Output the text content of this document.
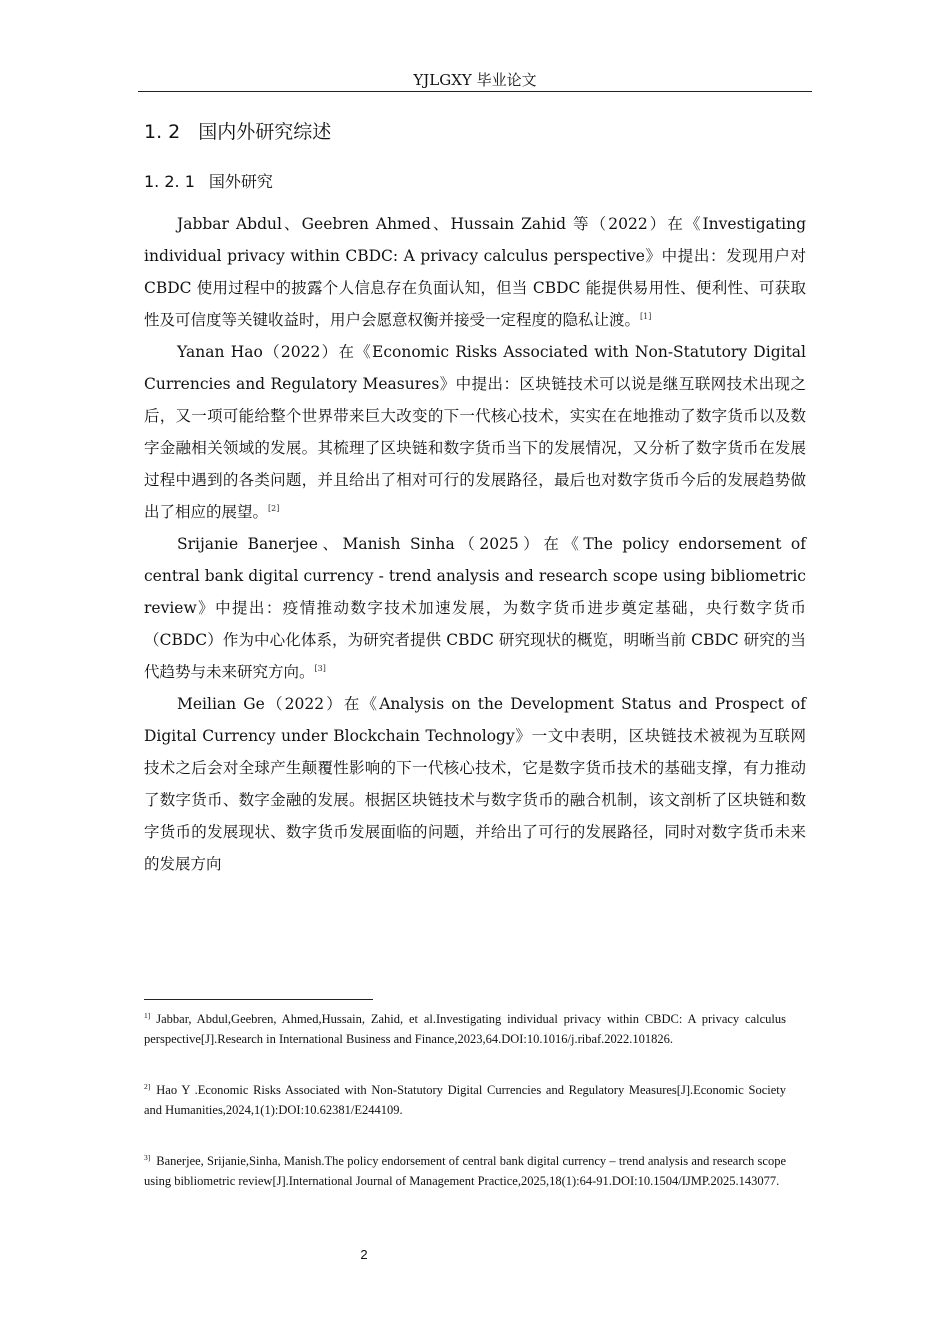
YJLGXY 毕业论文
1. 2 国内外研究综述
1. 2. 1 国外研究

Jabbar Abdul、Geebren Ahmed、Hussain Zahid 等（2022）在《Investigating individual privacy within CBDC: A privacy calculus perspective》中提出：发现用户对 CBDC 使用过程中的披露个人信息存在负面认知，但当 CBDC 能提供易用性、便利性、可获取性及可信度等关键收益时，用户会愿意权衡并接受一定程度的隐私让渡。[1]

Yanan Hao（2022）在《Economic Risks Associated with Non-Statutory Digital Currencies and Regulatory Measures》中提出：区块链技术可以说是继互联网技术出现之后，又一项可能给整个世界带来巨大改变的下一代核心技术，实实在在地推动了数字货币以及数字金融相关领域的发展。其梳理了区块链和数字货币当下的发展情况，又分析了数字货币在发展过程中遇到的各类问题，并且给出了相对可行的发展路径，最后也对数字货币今后的发展趋势做出了相应的展望。[2]

Srijanie Banerjee、Manish Sinha（2025）在《The policy endorsement of central bank digital currency - trend analysis and research scope using bibliometric review》中提出：疫情推动数字技术加速发展，为数字货币进步奠定基础，央行数字货币（CBDC）作为中心化体系，为研究者提供 CBDC 研究现状的概览，明晰当前 CBDC 研究的当代趋势与未来研究方向。[3]

Meilian Ge（2022）在《Analysis on the Development Status and Prospect of Digital Currency under Blockchain Technology》一文中表明，区块链技术被视为互联网技术之后会对全球产生颠覆性影响的下一代核心技术，它是数字货币技术的基础支撑，有力推动了数字货币、数字金融的发展。根据区块链技术与数字货币的融合机制，该文剖析了区块链和数字货币的发展现状、数字货币发展面临的问题，并给出了可行的发展路径，同时对数字货币未来的发展方向

$^{1]}$ Jabbar, Abdul,Geebren, Ahmed,Hussain, Zahid, et al.Investigating individual privacy within CBDC: A privacy calculus perspective[J].Research in International Business and Finance,2023,64.DOI:10.1016/j.ribaf.2022.101826.

$^{2]}$ Hao Y .Economic Risks Associated with Non-Statutory Digital Currencies and Regulatory Measures[J].Economic Society and Humanities,2024,1(1):DOI:10.62381/E244109.

$^{3]}$ Banerjee, Srijanie,Sinha, Manish.The policy endorsement of central bank digital currency – trend analysis and research scope using bibliometric review[J].International Journal of Management Practice,2025,18(1):64-91.DOI:10.1504/IJMP.2025.143077.

2
